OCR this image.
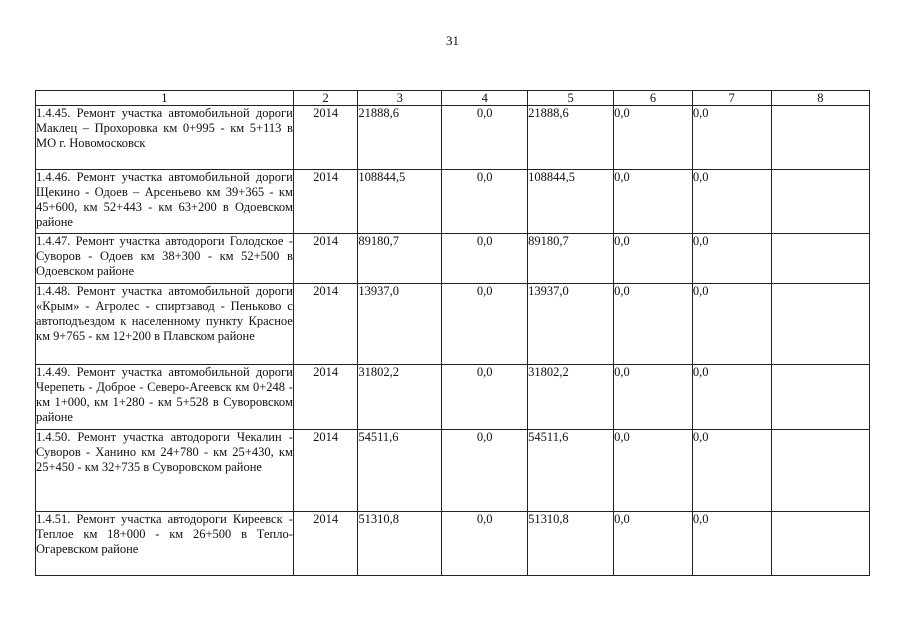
31
1	2	3	4	5	6	7	8
1.4.45. Ремонт участка автомобильной дороги Маклец – Прохоровка км 0+995 - км 5+113 в МО г. Новомосковск	2014	21888,6	0,0	21888,6	0,0	0,0	
1.4.46. Ремонт участка автомобильной дороги Щекино - Одоев – Арсеньево км 39+365 - км 45+600, км 52+443 - км 63+200 в Одоевском районе	2014	108844,5	0,0	108844,5	0,0	0,0	
1.4.47. Ремонт участка автодороги Голодское - Суворов - Одоев км 38+300 - км 52+500 в Одоевском районе	2014	89180,7	0,0	89180,7	0,0	0,0	
1.4.48. Ремонт участка автомобильной дороги «Крым» - Агролес - спиртзавод - Пеньково с автоподъездом к населенному пункту Красное км 9+765 - км 12+200 в Плавском районе	2014	13937,0	0,0	13937,0	0,0	0,0	
1.4.49. Ремонт участка автомобильной дороги Черепеть - Доброе - Северо-Агеевск км 0+248 - км 1+000, км 1+280 - км 5+528 в Суворовском районе	2014	31802,2	0,0	31802,2	0,0	0,0	
1.4.50. Ремонт участка автодороги Чекалин - Суворов - Ханино км 24+780 - км 25+430, км 25+450 - км 32+735 в Суворовском районе	2014	54511,6	0,0	54511,6	0,0	0,0	
1.4.51. Ремонт участка автодороги Киреевск - Теплое км 18+000 - км 26+500 в Тепло-Огаревском районе	2014	51310,8	0,0	51310,8	0,0	0,0	
